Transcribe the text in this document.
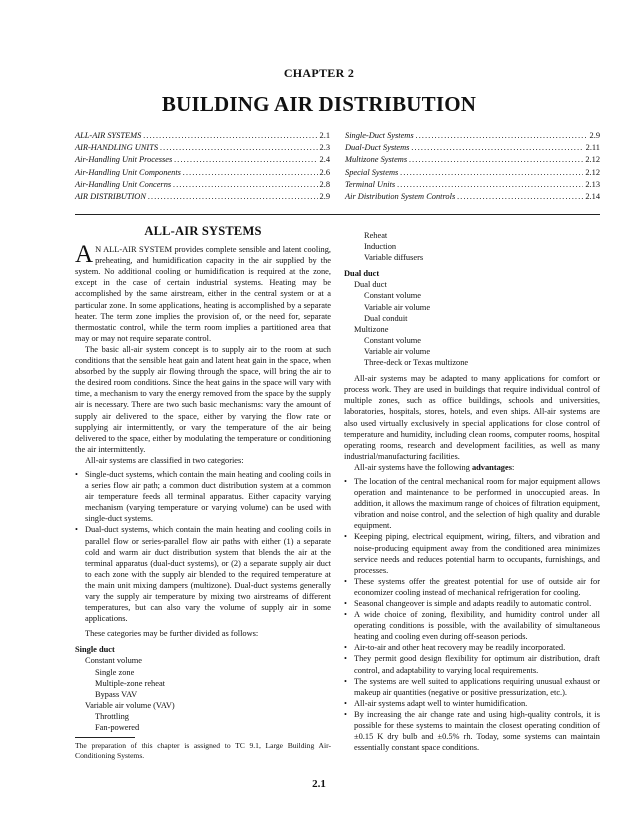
CHAPTER 2
BUILDING AIR DISTRIBUTION
ALL-AIR SYSTEMS . . .	2.1
AIR-HANDLING UNITS . . .	2.3
Air-Handling Unit Processes . . .	2.4
Air-Handling Unit Components . . .	2.6
Air-Handling Unit Concerns . . .	2.8
AIR DISTRIBUTION . . .	2.9
Single-Duct Systems . . .	2.9
Dual-Duct Systems . . .	2.11
Multizone Systems . . .	2.12
Special Systems . . .	2.12
Terminal Units . . .	2.13
Air Distribution System Controls . . .	2.14
ALL-AIR SYSTEMS

A N ALL-AIR SYSTEM provides complete sensible and latent cooling, preheating, and humidification capacity in the air supplied by the system. No additional cooling or humidification is required at the zone, except in the case of certain industrial systems. Heating may be accomplished by the same airstream, either in the central system or at a particular zone. In some applications, heating is accomplished by a separate heater. The term zone implies the provision of, or the need for, separate thermostatic control, while the term room implies a partitioned area that may or may not require separate control.

The basic all-air system concept is to supply air to the room at such conditions that the sensible heat gain and latent heat gain in the space, when absorbed by the supply air flowing through the space, will bring the air to the desired room conditions. Since the heat gains in the space will vary with time, a mechanism to vary the energy removed from the space by the supply air is necessary. There are two such basic mechanisms: vary the amount of supply air delivered to the space, either by varying the flow rate or supplying air intermittently, or vary the temperature of the air being delivered to the space, either by modulating the temperature or conditioning the air intermittently.

All-air systems are classified in two categories:

• Single-duct systems, which contain the main heating and cooling coils in a series flow air path; a common duct distribution system at a common air temperature feeds all terminal apparatus. Either capacity varying mechanism (varying temperature or varying volume) can be used with single-duct systems.
• Dual-duct systems, which contain the main heating and cooling coils in parallel flow or series-parallel flow air paths with either (1) a separate cold and warm air duct distribution system that blends the air at the terminal apparatus (dual-duct systems), or (2) a separate supply air duct to each zone with the supply air blended to the required temperature at the main unit mixing dampers (multizone). Dual-duct systems generally vary the supply air temperature by mixing two airstreams of different temperatures, but can also vary the volume of supply air in some applications.

These categories may be further divided as follows:

Single duct
Constant volume
Single zone
Multiple-zone reheat
Bypass VAV
Variable air volume (VAV)
Throttling
Fan-powered
The preparation of this chapter is assigned to TC 9.1, Large Building Air-Conditioning Systems.
Reheat
Induction
Variable diffusers
Dual duct
Dual duct
Constant volume
Variable air volume
Dual conduit
Multizone
Constant volume
Variable air volume
Three-deck or Texas multizone

All-air systems may be adapted to many applications for comfort or process work. They are used in buildings that require individual control of multiple zones, such as office buildings, schools and universities, laboratories, hospitals, stores, hotels, and even ships. All-air systems are also used virtually exclusively in special applications for close control of temperature and humidity, including clean rooms, computer rooms, hospital operating rooms, research and development facilities, as well as many industrial/manufacturing facilities.

All-air systems have the following advantages:

• The location of the central mechanical room for major equipment allows operation and maintenance to be performed in unoccupied areas. In addition, it allows the maximum range of choices of filtration equipment, vibration and noise control, and the selection of high quality and durable equipment.
• Keeping piping, electrical equipment, wiring, filters, and vibration and noise-producing equipment away from the conditioned area minimizes service needs and reduces potential harm to occupants, furnishings, and processes.
• These systems offer the greatest potential for use of outside air for economizer cooling instead of mechanical refrigeration for cooling.
• Seasonal changeover is simple and adapts readily to automatic control.
• A wide choice of zoning, flexibility, and humidity control under all operating conditions is possible, with the availability of simultaneous heating and cooling even during off-season periods.
• Air-to-air and other heat recovery may be readily incorporated.
• They permit good design flexibility for optimum air distribution, draft control, and adaptability to varying local requirements.
• The systems are well suited to applications requiring unusual exhaust or makeup air quantities (negative or positive pressurization, etc.).
• All-air systems adapt well to winter humidification.
• By increasing the air change rate and using high-quality controls, it is possible for these systems to maintain the closest operating condition of ±0.15 K dry bulb and ±0.5% rh. Today, some systems can maintain essentially constant space conditions.
2.1
